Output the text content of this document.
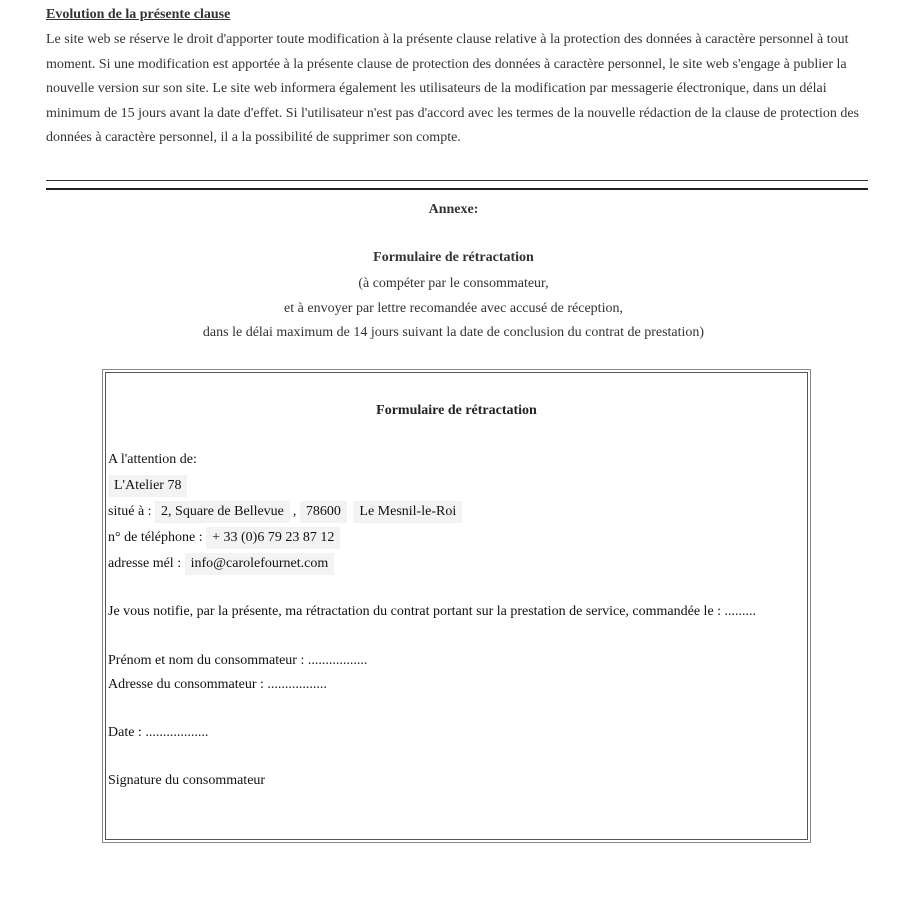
Evolution de la présente clause

Le site web se réserve le droit d'apporter toute modification à la présente clause relative à la protection des données à caractère personnel à tout moment. Si une modification est apportée à la présente clause de protection des données à caractère personnel, le site web s'engage à publier la nouvelle version sur son site. Le site web informera également les utilisateurs de la modification par messagerie électronique, dans un délai minimum de 15 jours avant la date d'effet. Si l'utilisateur n'est pas d'accord avec les termes de la nouvelle rédaction de la clause de protection des données à caractère personnel, il a la possibilité de supprimer son compte.

Annexe:
Formulaire de rétractation
(à compéter par le consommateur,
et à envoyer par lettre recomandée avec accusé de réception,
dans le délai maximum de 14 jours suivant la date de conclusion du contrat de prestation)
Formulaire de rétractation
A l'attention de:
L'Atelier 78
situé à : 2, Square de Bellevue , 78600 Le Mesnil-le-Roi
n° de téléphone : + 33 (0)6 79 23 87 12
adresse mél : info@carolefournet.com
Je vous notifie, par la présente, ma rétractation du contrat portant sur la prestation de service, commandée le : .........
Prénom et nom du consommateur : .................
Adresse du consommateur : .................
Date : ..................
Signature du consommateur
